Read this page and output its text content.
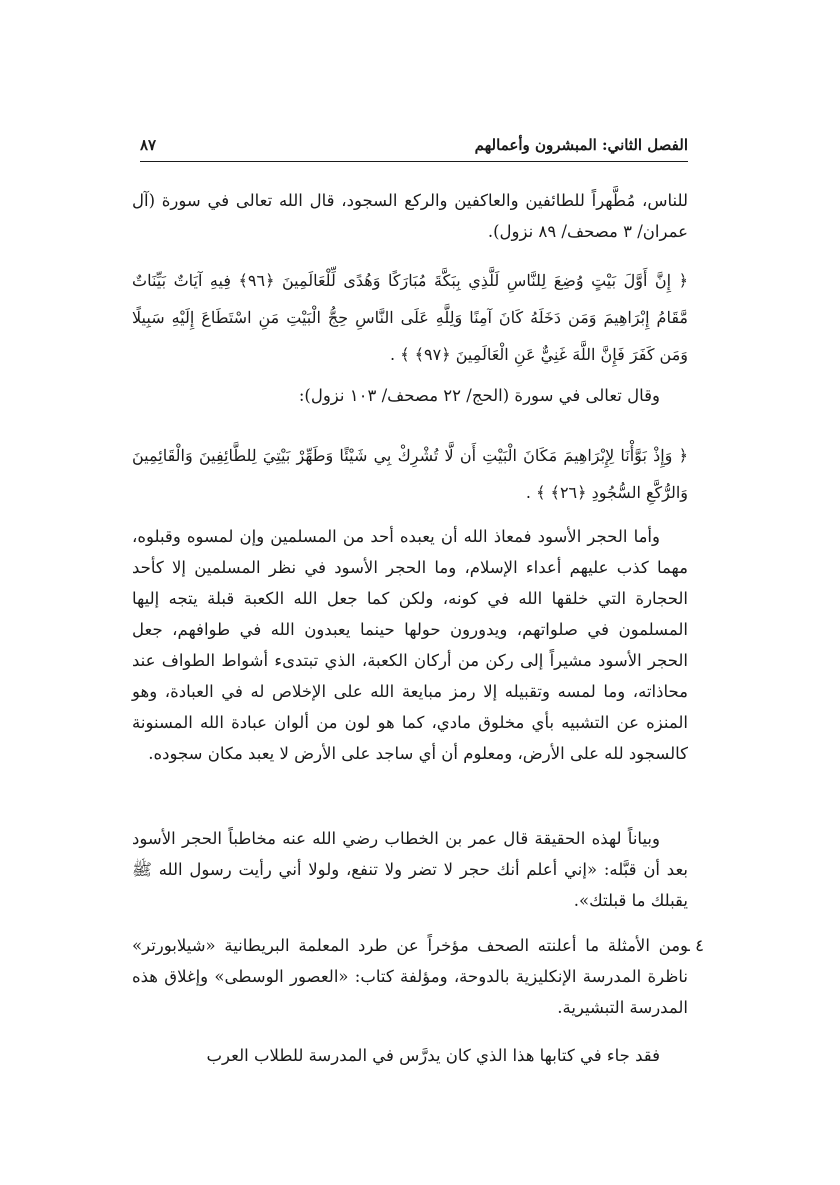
الفصل الثاني: المبشرون وأعمالهم
٨٧
للناس، مُطَّهراً للطائفين والعاكفين والركع السجود، قال الله تعالى في سورة (آل عمران/ ٣ مصحف/ ٨٩ نزول).
﴿ إِنَّ أَوَّلَ بَيْتٍ وُضِعَ لِلنَّاسِ لَلَّذِي بِبَكَّةَ مُبَارَكًا وَهُدًى لِّلْعَالَمِينَ ﴿٩٦﴾ فِيهِ آيَاتٌ بَيِّنَاتٌ مَّقَامُ إِبْرَاهِيمَ وَمَن دَخَلَهُ كَانَ آمِنًا وَلِلَّهِ عَلَى النَّاسِ حِجُّ الْبَيْتِ مَنِ اسْتَطَاعَ إِلَيْهِ سَبِيلًا وَمَن كَفَرَ فَإِنَّ اللَّهَ غَنِيٌّ عَنِ الْعَالَمِينَ ﴿٩٧﴾ ﴾ .
وقال تعالى في سورة (الحج/ ٢٢ مصحف/ ١٠٣ نزول):
﴿ وَإِذْ بَوَّأْنَا لِإِبْرَاهِيمَ مَكَانَ الْبَيْتِ أَن لَّا تُشْرِكْ بِي شَيْئًا وَطَهِّرْ بَيْتِيَ لِلطَّائِفِينَ وَالْقَائِمِينَ وَالرُّكَّعِ السُّجُودِ ﴿٢٦﴾ ﴾ .
وأما الحجر الأسود فمعاذ الله أن يعبده أحد من المسلمين وإن لمسوه وقبلوه، مهما كذب عليهم أعداء الإسلام، وما الحجر الأسود في نظر المسلمين إلا كأحد الحجارة التي خلقها الله في كونه، ولكن كما جعل الله الكعبة قبلة يتجه إليها المسلمون في صلواتهم، ويدورون حولها حينما يعبدون الله في طوافهم، جعل الحجر الأسود مشيراً إلى ركن من أركان الكعبة، الذي تبتدىء أشواط الطواف عند محاذاته، وما لمسه وتقبيله إلا رمز مبايعة الله على الإخلاص له في العبادة، وهو المنزه عن التشبيه بأي مخلوق مادي، كما هو لون من ألوان عبادة الله المسنونة كالسجود لله على الأرض، ومعلوم أن أي ساجد على الأرض لا يعبد مكان سجوده.
وبياناً لهذه الحقيقة قال عمر بن الخطاب رضي الله عنه مخاطباً الحجر الأسود بعد أن قبَّله: «إني أعلم أنك حجر لا تضر ولا تنفع، ولولا أني رأيت رسول الله ﷺ يقبلك ما قبلتك».
٤ ـ
ومن الأمثلة ما أعلنته الصحف مؤخراً عن طرد المعلمة البريطانية «شيلابورتر» ناظرة المدرسة الإنكليزية بالدوحة، ومؤلفة كتاب: «العصور الوسطى» وإغلاق هذه المدرسة التبشيرية.
فقد جاء في كتابها هذا الذي كان يدرَّس في المدرسة للطلاب العرب
